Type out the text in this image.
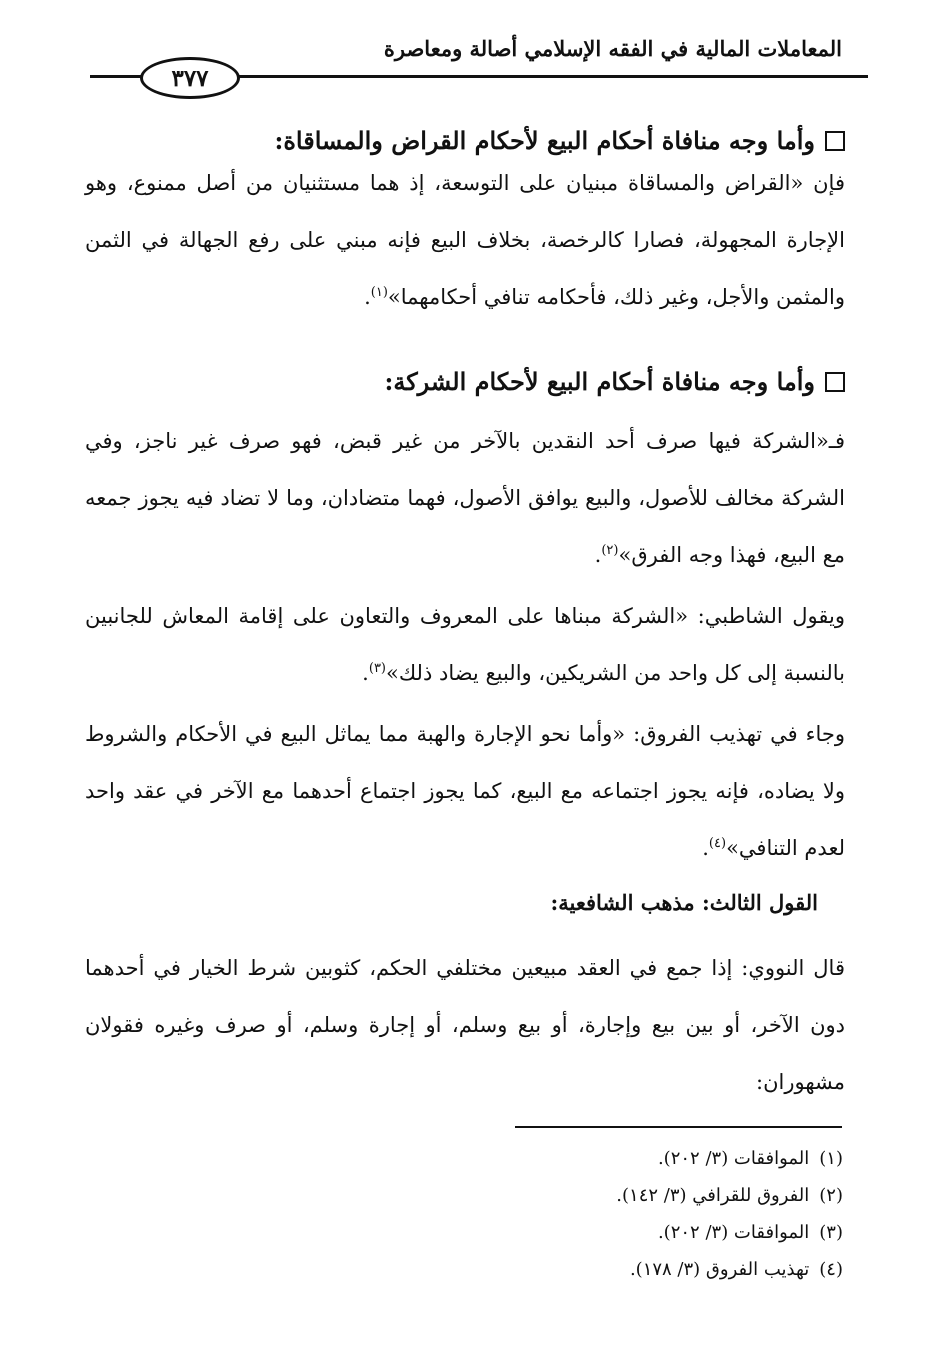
المعاملات المالية في الفقه الإسلامي أصالة ومعاصرة
٣٧٧
وأما وجه منافاة أحكام البيع لأحكام القراض والمساقاة:

فإن «القراض والمساقاة مبنيان على التوسعة، إذ هما مستثنيان من أصل ممنوع، وهو الإجارة المجهولة، فصارا كالرخصة، بخلاف البيع فإنه مبني على رفع الجهالة في الثمن والمثمن والأجل، وغير ذلك، فأحكامه تنافي أحكامهما»$^{(١)}$.

وأما وجه منافاة أحكام البيع لأحكام الشركة:

فـ«الشركة فيها صرف أحد النقدين بالآخر من غير قبض، فهو صرف غير ناجز، وفي الشركة مخالف للأصول، والبيع يوافق الأصول، فهما متضادان، وما لا تضاد فيه يجوز جمعه مع البيع، فهذا وجه الفرق»$^{(٢)}$.

ويقول الشاطبي: «الشركة مبناها على المعروف والتعاون على إقامة المعاش للجانبين بالنسبة إلى كل واحد من الشريكين، والبيع يضاد ذلك»$^{(٣)}$.

وجاء في تهذيب الفروق: «وأما نحو الإجارة والهبة مما يماثل البيع في الأحكام والشروط ولا يضاده، فإنه يجوز اجتماعه مع البيع، كما يجوز اجتماع أحدهما مع الآخر في عقد واحد لعدم التنافي»$^{(٤)}$.

القول الثالث: مذهب الشافعية:

قال النووي: إذا جمع في العقد مبيعين مختلفي الحكم، كثوبين شرط الخيار في أحدهما دون الآخر، أو بين بيع وإجارة، أو بيع وسلم، أو إجارة وسلم، أو صرف وغيره فقولان مشهوران:

(١)الموافقات (٣/ ٢٠٢).
(٢)الفروق للقرافي (٣/ ١٤٢).
(٣)الموافقات (٣/ ٢٠٢).
(٤)تهذيب الفروق (٣/ ١٧٨).
